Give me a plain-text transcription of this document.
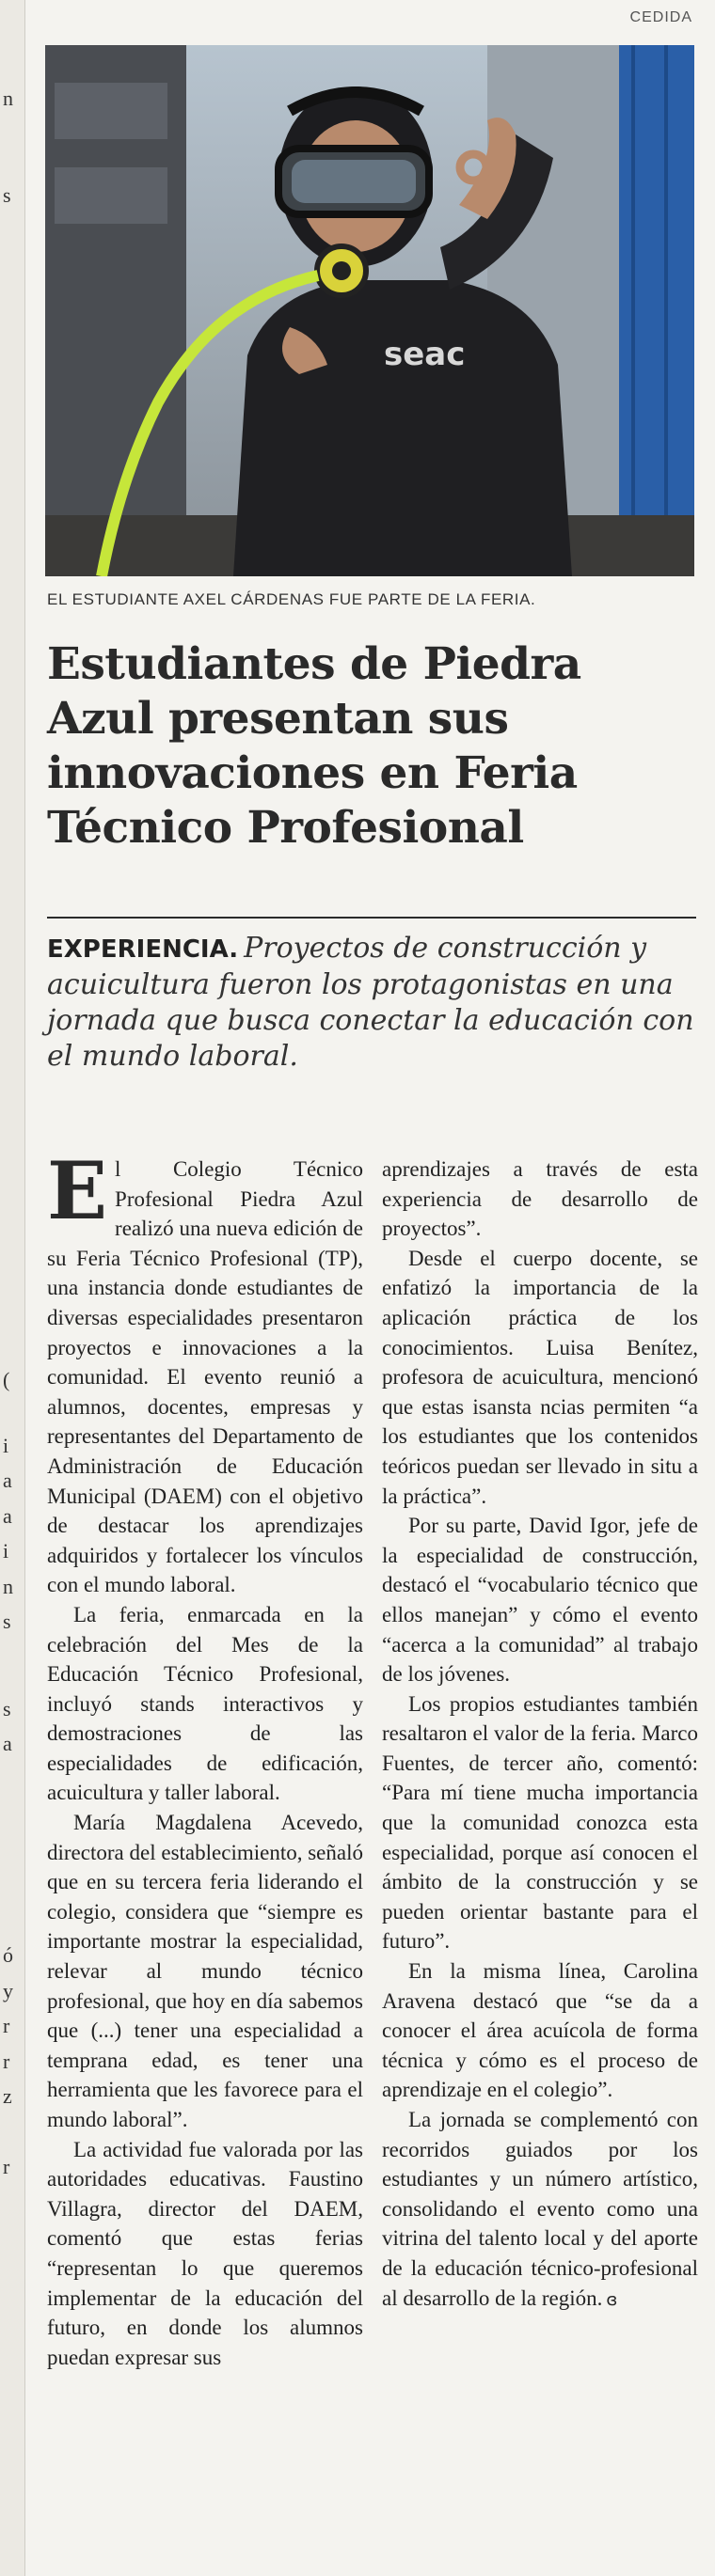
n
s
(
i
a
a
i
n
s
s
a
ó
y
r
r
z
r
CEDIDA
seac
EL ESTUDIANTE AXEL CÁRDENAS FUE PARTE DE LA FERIA.
Estudiantes de Piedra Azul presentan sus innovaciones en Feria Técnico Profesional

EXPERIENCIA. Proyectos de construcción y acuicultura fueron los protagonistas en una jornada que busca conectar la educación con el mundo laboral.

El Colegio Técnico Profesional Piedra Azul realizó una nueva edición de su Feria Técnico Profesional (TP), una instancia donde estudiantes de diversas especialidades presentaron proyectos e innovaciones a la comunidad. El evento reunió a alumnos, docentes, empresas y representantes del Departamento de Administración de Educación Municipal (DAEM) con el objetivo de destacar los aprendizajes adquiridos y fortalecer los vínculos con el mundo laboral.

La feria, enmarcada en la celebración del Mes de la Educación Técnico Profesional, incluyó stands interactivos y demostraciones de las especialidades de edificación, acuicultura y taller laboral.

María Magdalena Acevedo, directora del establecimiento, señaló que en su tercera feria liderando el colegio, considera que “siempre es importante mostrar la especialidad, relevar al mundo técnico profesional, que hoy en día sabemos que (...) tener una especialidad a temprana edad, es tener una herramienta que les favorece para el mundo laboral”.

La actividad fue valorada por las autoridades educativas. Faustino Villagra, director del DAEM, comentó que estas ferias “representan lo que queremos implementar de la educación del futuro, en donde los alumnos puedan expresar sus

aprendizajes a través de esta experiencia de desarrollo de proyectos”.

Desde el cuerpo docente, se enfatizó la importancia de la aplicación práctica de los conocimientos. Luisa Benítez, profesora de acuicultura, mencionó que estas isansta ncias permiten “a los estudiantes que los contenidos teóricos puedan ser llevado in situ a la práctica”.

Por su parte, David Igor, jefe de la especialidad de construcción, destacó el “vocabulario técnico que ellos manejan” y cómo el evento “acerca a la comunidad” al trabajo de los jóvenes.

Los propios estudiantes también resaltaron el valor de la feria. Marco Fuentes, de tercer año, comentó: “Para mí tiene mucha importancia que la comunidad conozca esta especialidad, porque así conocen el ámbito de la construcción y se pueden orientar bastante para el futuro”.

En la misma línea, Carolina Aravena destacó que “se da a conocer el área acuícola de forma técnica y cómo es el proceso de aprendizaje en el colegio”.

La jornada se complementó con recorridos guiados por los estudiantes y un número artístico, consolidando el evento como una vitrina del talento local y del aporte de la educación técnico-profesional al desarrollo de la región. ɞ
